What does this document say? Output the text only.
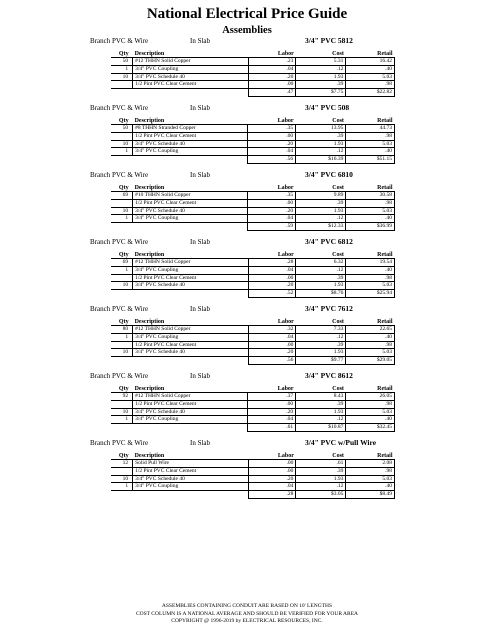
National Electrical Price Guide
Assemblies
Branch PVC & Wire	In Slab	3/4" PVC 5812
Qty	Description	Labor	Cost	Retail
50	#12 THHN Solid Copper	.23	5.31	16.42
1	3/4" PVC Coupling	.04	.12	.40
10	3/4" PVC Schedule 40	.20	1.93	5.03
	1/2 Pint PVC Clear Cement	.00	.39	.98
		.47	$7.75	$22.82
Branch PVC & Wire	In Slab	3/4" PVC 508
Qty	Description	Labor	Cost	Retail
50	#8 THHN Stranded Copper	.35	13.95	44.73
	1/2 Pint PVC Clear Cement	.00	.39	.98
10	3/4" PVC Schedule 40	.20	1.93	5.03
1	3/4" PVC Coupling	.04	.12	.40
		.56	$16.39	$51.15
Branch PVC & Wire	In Slab	3/4" PVC 6810
Qty	Description	Labor	Cost	Retail
69	#10 THHN Solid Copper	.35	9.89	30.58
	1/2 Pint PVC Clear Cement	.00	.39	.98
10	3/4" PVC Schedule 40	.20	1.93	5.03
1	3/4" PVC Coupling	.04	.12	.40
		.59	$12.33	$36.99
Branch PVC & Wire	In Slab	3/4" PVC 6812
Qty	Description	Labor	Cost	Retail
69	#12 THHN Solid Copper	.28	6.32	19.54
1	3/4" PVC Coupling	.04	.12	.40
	1/2 Pint PVC Clear Cement	.00	.39	.98
10	3/4" PVC Schedule 40	.20	1.93	5.03
		.52	$8.76	$25.94
Branch PVC & Wire	In Slab	3/4" PVC 7612
Qty	Description	Labor	Cost	Retail
80	#12 THHN Solid Copper	.32	7.33	22.65
1	3/4" PVC Coupling	.04	.12	.40
	1/2 Pint PVC Clear Cement	.00	.39	.98
10	3/4" PVC Schedule 40	.20	1.93	5.03
		.56	$9.77	$29.05
Branch PVC & Wire	In Slab	3/4" PVC 8612
Qty	Description	Labor	Cost	Retail
92	#12 THHN Solid Copper	.37	8.43	26.05
	1/2 Pint PVC Clear Cement	.00	.39	.98
10	3/4" PVC Schedule 40	.20	1.93	5.03
1	3/4" PVC Coupling	.04	.12	.40
		.61	$10.87	$32.45
Branch PVC & Wire	In Slab	3/4" PVC w/Pull Wire
Qty	Description	Labor	Cost	Retail
12	Solid Pull Wire	.00	.61	2.08
	1/2 Pint PVC Clear Cement	.00	.39	.98
10	3/4" PVC Schedule 40	.20	1.93	5.03
1	3/4" PVC Coupling	.04	.12	.40
		.28	$3.05	$8.49
ASSEMBLIES CONTAINING CONDUIT ARE BASED ON 10' LENGTHS
COST COLUMN IS A NATIONAL AVERAGE AND SHOULD BE VERIFIED FOR YOUR AREA
COPYRIGHT @ 1996-2019 by ELECTRICAL RESOURCES, INC.
